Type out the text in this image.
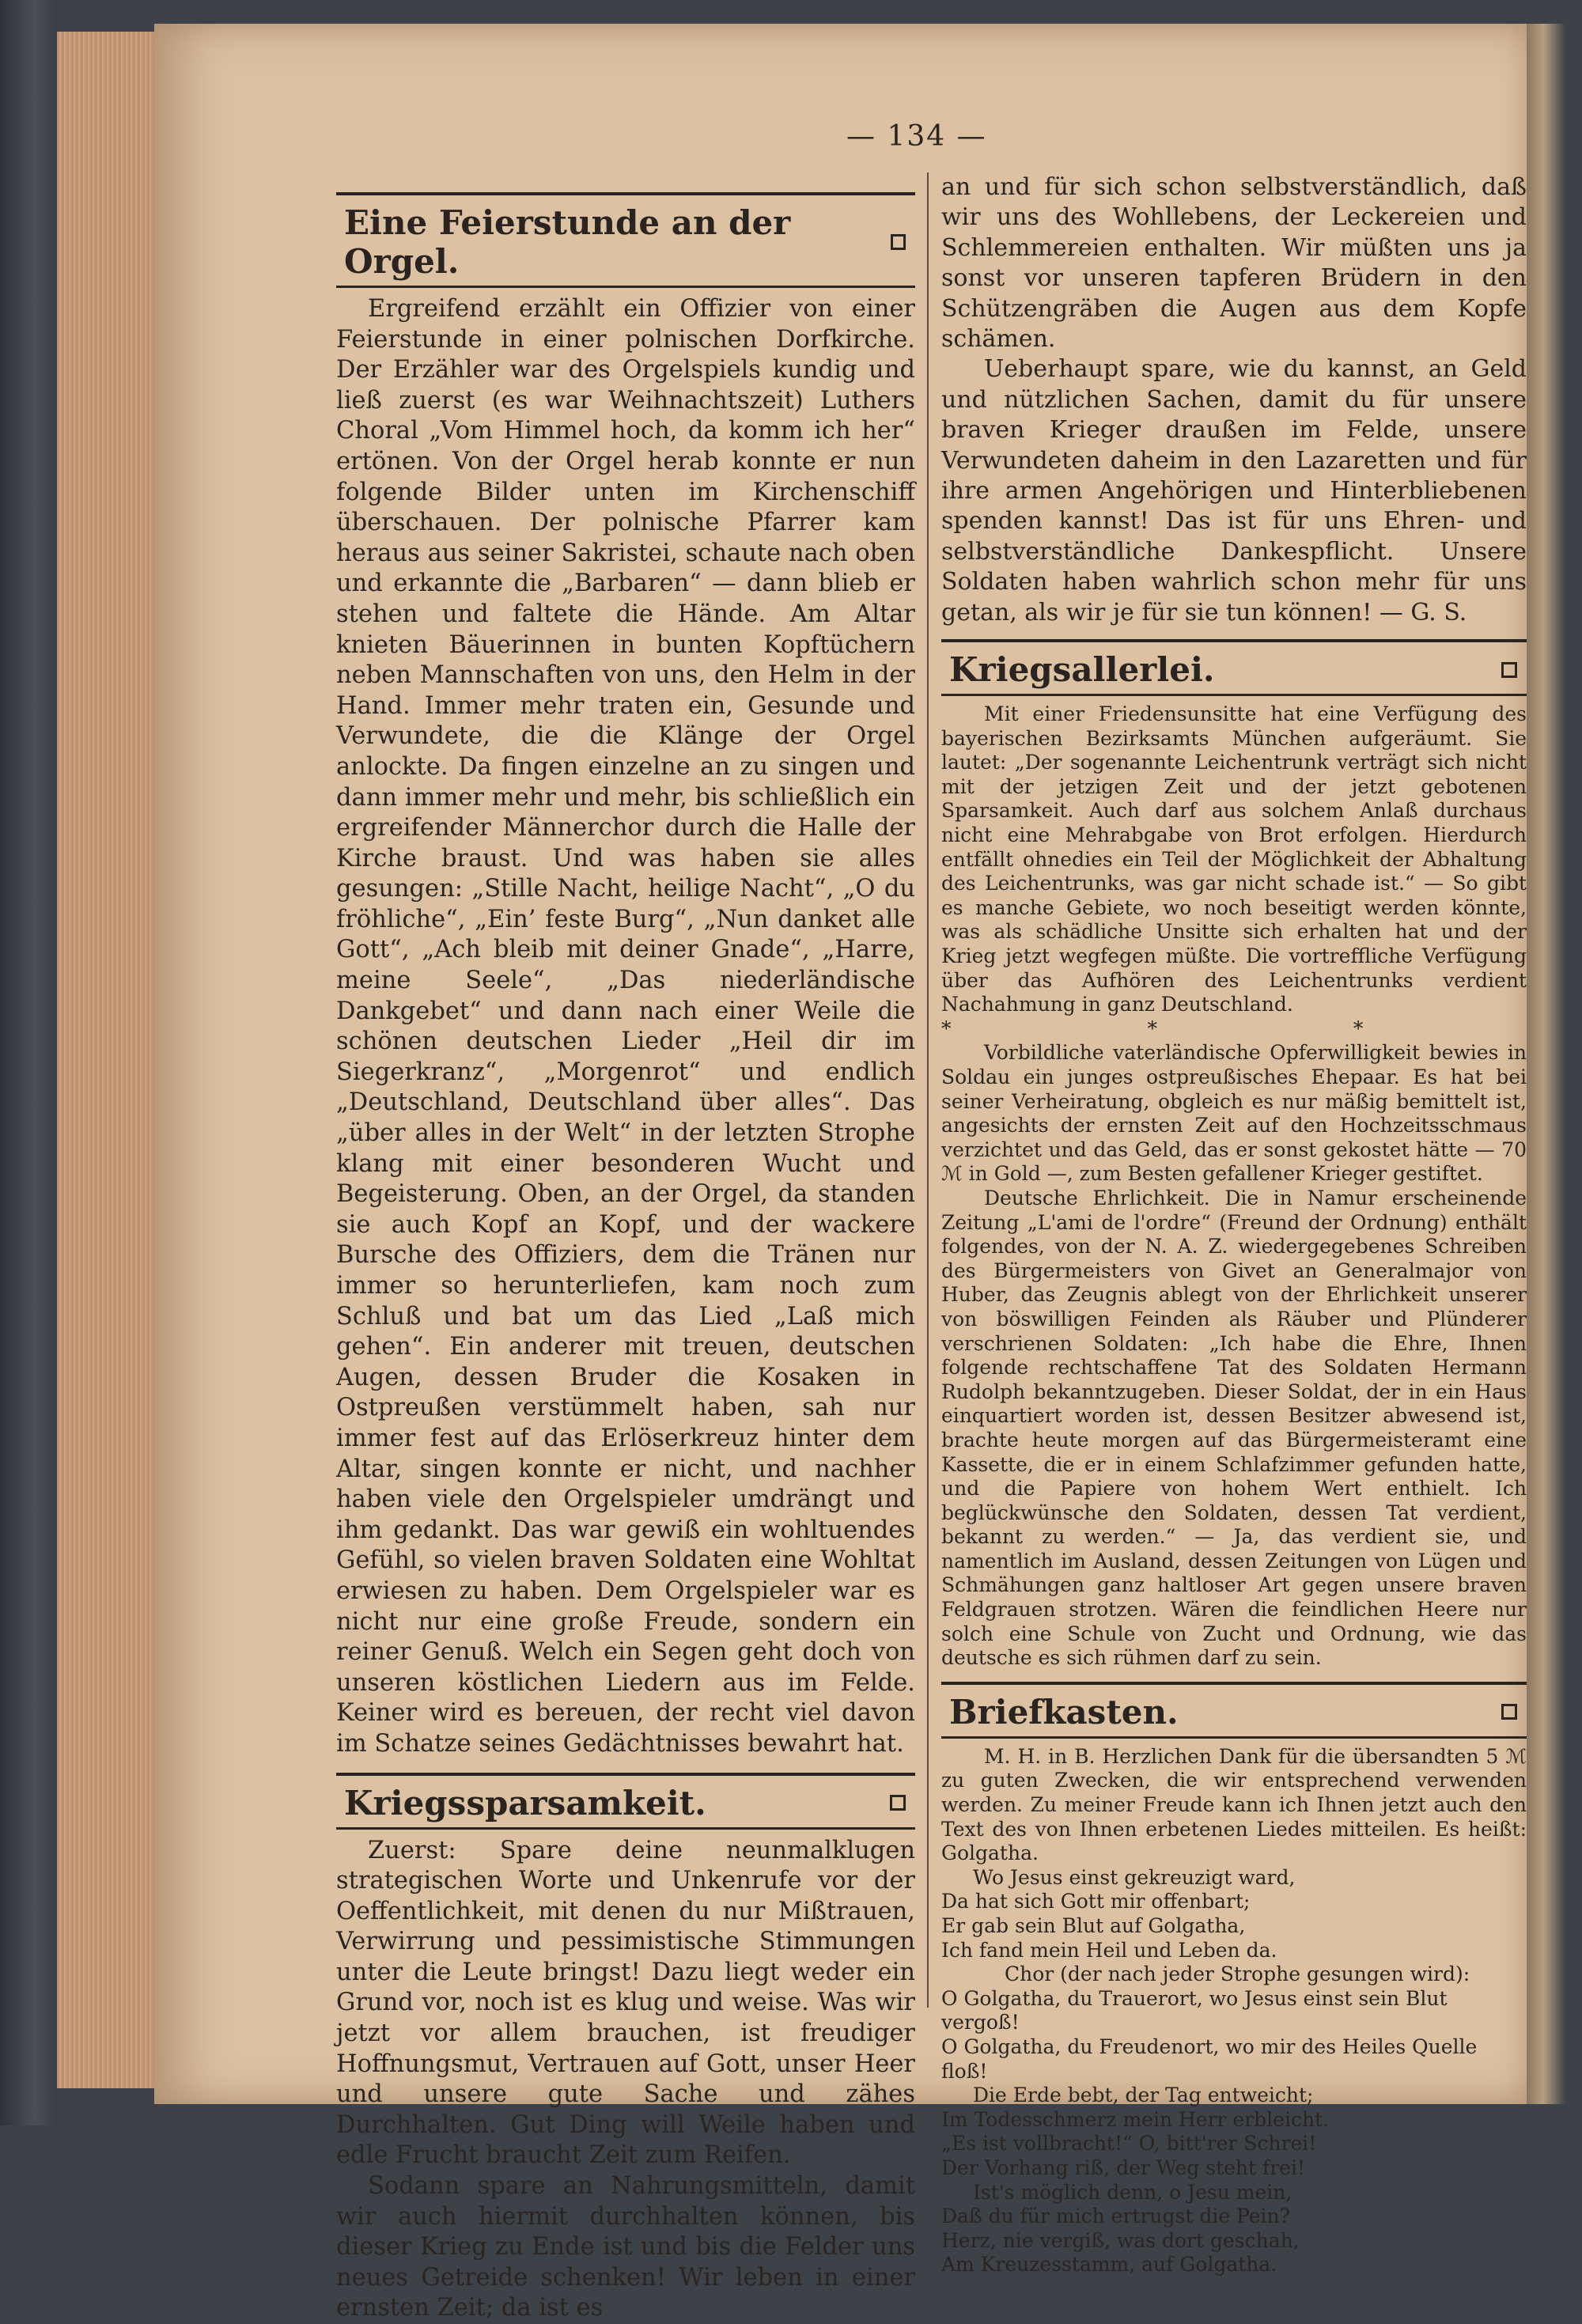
— 134 —
Eine Feierstunde an der Orgel.

Ergreifend erzählt ein Offizier von einer Feierstunde in einer polnischen Dorfkirche. Der Erzähler war des Orgelspiels kundig und ließ zuerst (es war Weihnachtszeit) Luthers Choral „Vom Himmel hoch, da komm ich her“ ertönen. Von der Orgel herab konnte er nun folgende Bilder unten im Kirchenschiff überschauen. Der polnische Pfarrer kam heraus aus seiner Sakristei, schaute nach oben und erkannte die „Barbaren“ — dann blieb er stehen und faltete die Hände. Am Altar knieten Bäuerinnen in bunten Kopftüchern neben Mannschaften von uns, den Helm in der Hand. Immer mehr traten ein, Gesunde und Verwundete, die die Klänge der Orgel anlockte. Da fingen einzelne an zu singen und dann immer mehr und mehr, bis schließlich ein ergreifender Männerchor durch die Halle der Kirche braust. Und was haben sie alles gesungen: „Stille Nacht, heilige Nacht“, „O du fröhliche“, „Ein’ feste Burg“, „Nun danket alle Gott“, „Ach bleib mit deiner Gnade“, „Harre, meine Seele“, „Das niederländische Dankgebet“ und dann nach einer Weile die schönen deutschen Lieder „Heil dir im Siegerkranz“, „Morgenrot“ und endlich „Deutschland, Deutschland über alles“. Das „über alles in der Welt“ in der letzten Strophe klang mit einer besonderen Wucht und Begeisterung. Oben, an der Orgel, da standen sie auch Kopf an Kopf, und der wackere Bursche des Offiziers, dem die Tränen nur immer so herunterliefen, kam noch zum Schluß und bat um das Lied „Laß mich gehen“. Ein anderer mit treuen, deutschen Augen, dessen Bruder die Kosaken in Ostpreußen verstümmelt haben, sah nur immer fest auf das Erlöserkreuz hinter dem Altar, singen konnte er nicht, und nachher haben viele den Orgelspieler umdrängt und ihm gedankt. Das war gewiß ein wohltuendes Gefühl, so vielen braven Soldaten eine Wohltat erwiesen zu haben. Dem Orgelspieler war es nicht nur eine große Freude, sondern ein reiner Genuß. Welch ein Segen geht doch von unseren köstlichen Liedern aus im Felde. Keiner wird es bereuen, der recht viel davon im Schatze seines Gedächtnisses bewahrt hat.

Kriegssparsamkeit.

Zuerst: Spare deine neunmalklugen strategischen Worte und Unkenrufe vor der Oeffentlichkeit, mit denen du nur Mißtrauen, Verwirrung und pessimistische Stimmungen unter die Leute bringst! Dazu liegt weder ein Grund vor, noch ist es klug und weise. Was wir jetzt vor allem brauchen, ist freudiger Hoffnungsmut, Vertrauen auf Gott, unser Heer und unsere gute Sache und zähes Durchhalten. Gut Ding will Weile haben und edle Frucht braucht Zeit zum Reifen.

Sodann spare an Nahrungsmitteln, damit wir auch hiermit durchhalten können, bis dieser Krieg zu Ende ist und bis die Felder uns neues Getreide schenken! Wir leben in einer ernsten Zeit; da ist es

an und für sich schon selbstverständlich, daß wir uns des Wohllebens, der Leckereien und Schlemmereien enthalten. Wir müßten uns ja sonst vor unseren tapferen Brüdern in den Schützengräben die Augen aus dem Kopfe schämen.

Ueberhaupt spare, wie du kannst, an Geld und nützlichen Sachen, damit du für unsere braven Krieger draußen im Felde, unsere Verwundeten daheim in den Lazaretten und für ihre armen Angehörigen und Hinterbliebenen spenden kannst! Das ist für uns Ehren- und selbstverständliche Dankespflicht. Unsere Soldaten haben wahrlich schon mehr für uns getan, als wir je für sie tun können! — G. S.

Kriegsallerlei.

Mit einer Friedensunsitte hat eine Verfügung des bayerischen Bezirksamts München aufgeräumt. Sie lautet: „Der sogenannte Leichentrunk verträgt sich nicht mit der jetzigen Zeit und der jetzt gebotenen Sparsamkeit. Auch darf aus solchem Anlaß durchaus nicht eine Mehrabgabe von Brot erfolgen. Hierdurch entfällt ohnedies ein Teil der Möglichkeit der Abhaltung des Leichentrunks, was gar nicht schade ist.“ — So gibt es manche Gebiete, wo noch beseitigt werden könnte, was als schädliche Unsitte sich erhalten hat und der Krieg jetzt wegfegen müßte. Die vortreffliche Verfügung über das Aufhören des Leichentrunks verdient Nachahmung in ganz Deutschland.

* * *

Vorbildliche vaterländische Opferwilligkeit bewies in Soldau ein junges ostpreußisches Ehepaar. Es hat bei seiner Verheiratung, obgleich es nur mäßig bemittelt ist, angesichts der ernsten Zeit auf den Hochzeitsschmaus verzichtet und das Geld, das er sonst gekostet hätte — 70 ℳ in Gold —, zum Besten gefallener Krieger gestiftet.

Deutsche Ehrlichkeit. Die in Namur erscheinende Zeitung „L'ami de l'ordre“ (Freund der Ordnung) enthält folgendes, von der N. A. Z. wiedergegebenes Schreiben des Bürgermeisters von Givet an Generalmajor von Huber, das Zeugnis ablegt von der Ehrlichkeit unserer von böswilligen Feinden als Räuber und Plünderer verschrienen Soldaten: „Ich habe die Ehre, Ihnen folgende rechtschaffene Tat des Soldaten Hermann Rudolph bekanntzugeben. Dieser Soldat, der in ein Haus einquartiert worden ist, dessen Besitzer abwesend ist, brachte heute morgen auf das Bürgermeisteramt eine Kassette, die er in einem Schlafzimmer gefunden hatte, und die Papiere von hohem Wert enthielt. Ich beglückwünsche den Soldaten, dessen Tat verdient, bekannt zu werden.“ — Ja, das verdient sie, und namentlich im Ausland, dessen Zeitungen von Lügen und Schmähungen ganz haltloser Art gegen unsere braven Feldgrauen strotzen. Wären die feindlichen Heere nur solch eine Schule von Zucht und Ordnung, wie das deutsche es sich rühmen darf zu sein.

Briefkasten.

M. H. in B. Herzlichen Dank für die übersandten 5 ℳ zu guten Zwecken, die wir entsprechend verwenden werden. Zu meiner Freude kann ich Ihnen jetzt auch den Text des von Ihnen erbetenen Liedes mitteilen. Es heißt: Golgatha.

Wo Jesus einst gekreuzigt ward,

Da hat sich Gott mir offenbart;

Er gab sein Blut auf Golgatha,

Ich fand mein Heil und Leben da.

Chor (der nach jeder Strophe gesungen wird):

O Golgatha, du Trauerort, wo Jesus einst sein Blut vergoß!

O Golgatha, du Freudenort, wo mir des Heiles Quelle floß!

Die Erde bebt, der Tag entweicht;

Im Todesschmerz mein Herr erbleicht.

„Es ist vollbracht!“ O, bitt'rer Schrei!

Der Vorhang riß, der Weg steht frei!

Ist's möglich denn, o Jesu mein,

Daß du für mich ertrugst die Pein?

Herz, nie vergiß, was dort geschah,

Am Kreuzesstamm, auf Golgatha.
